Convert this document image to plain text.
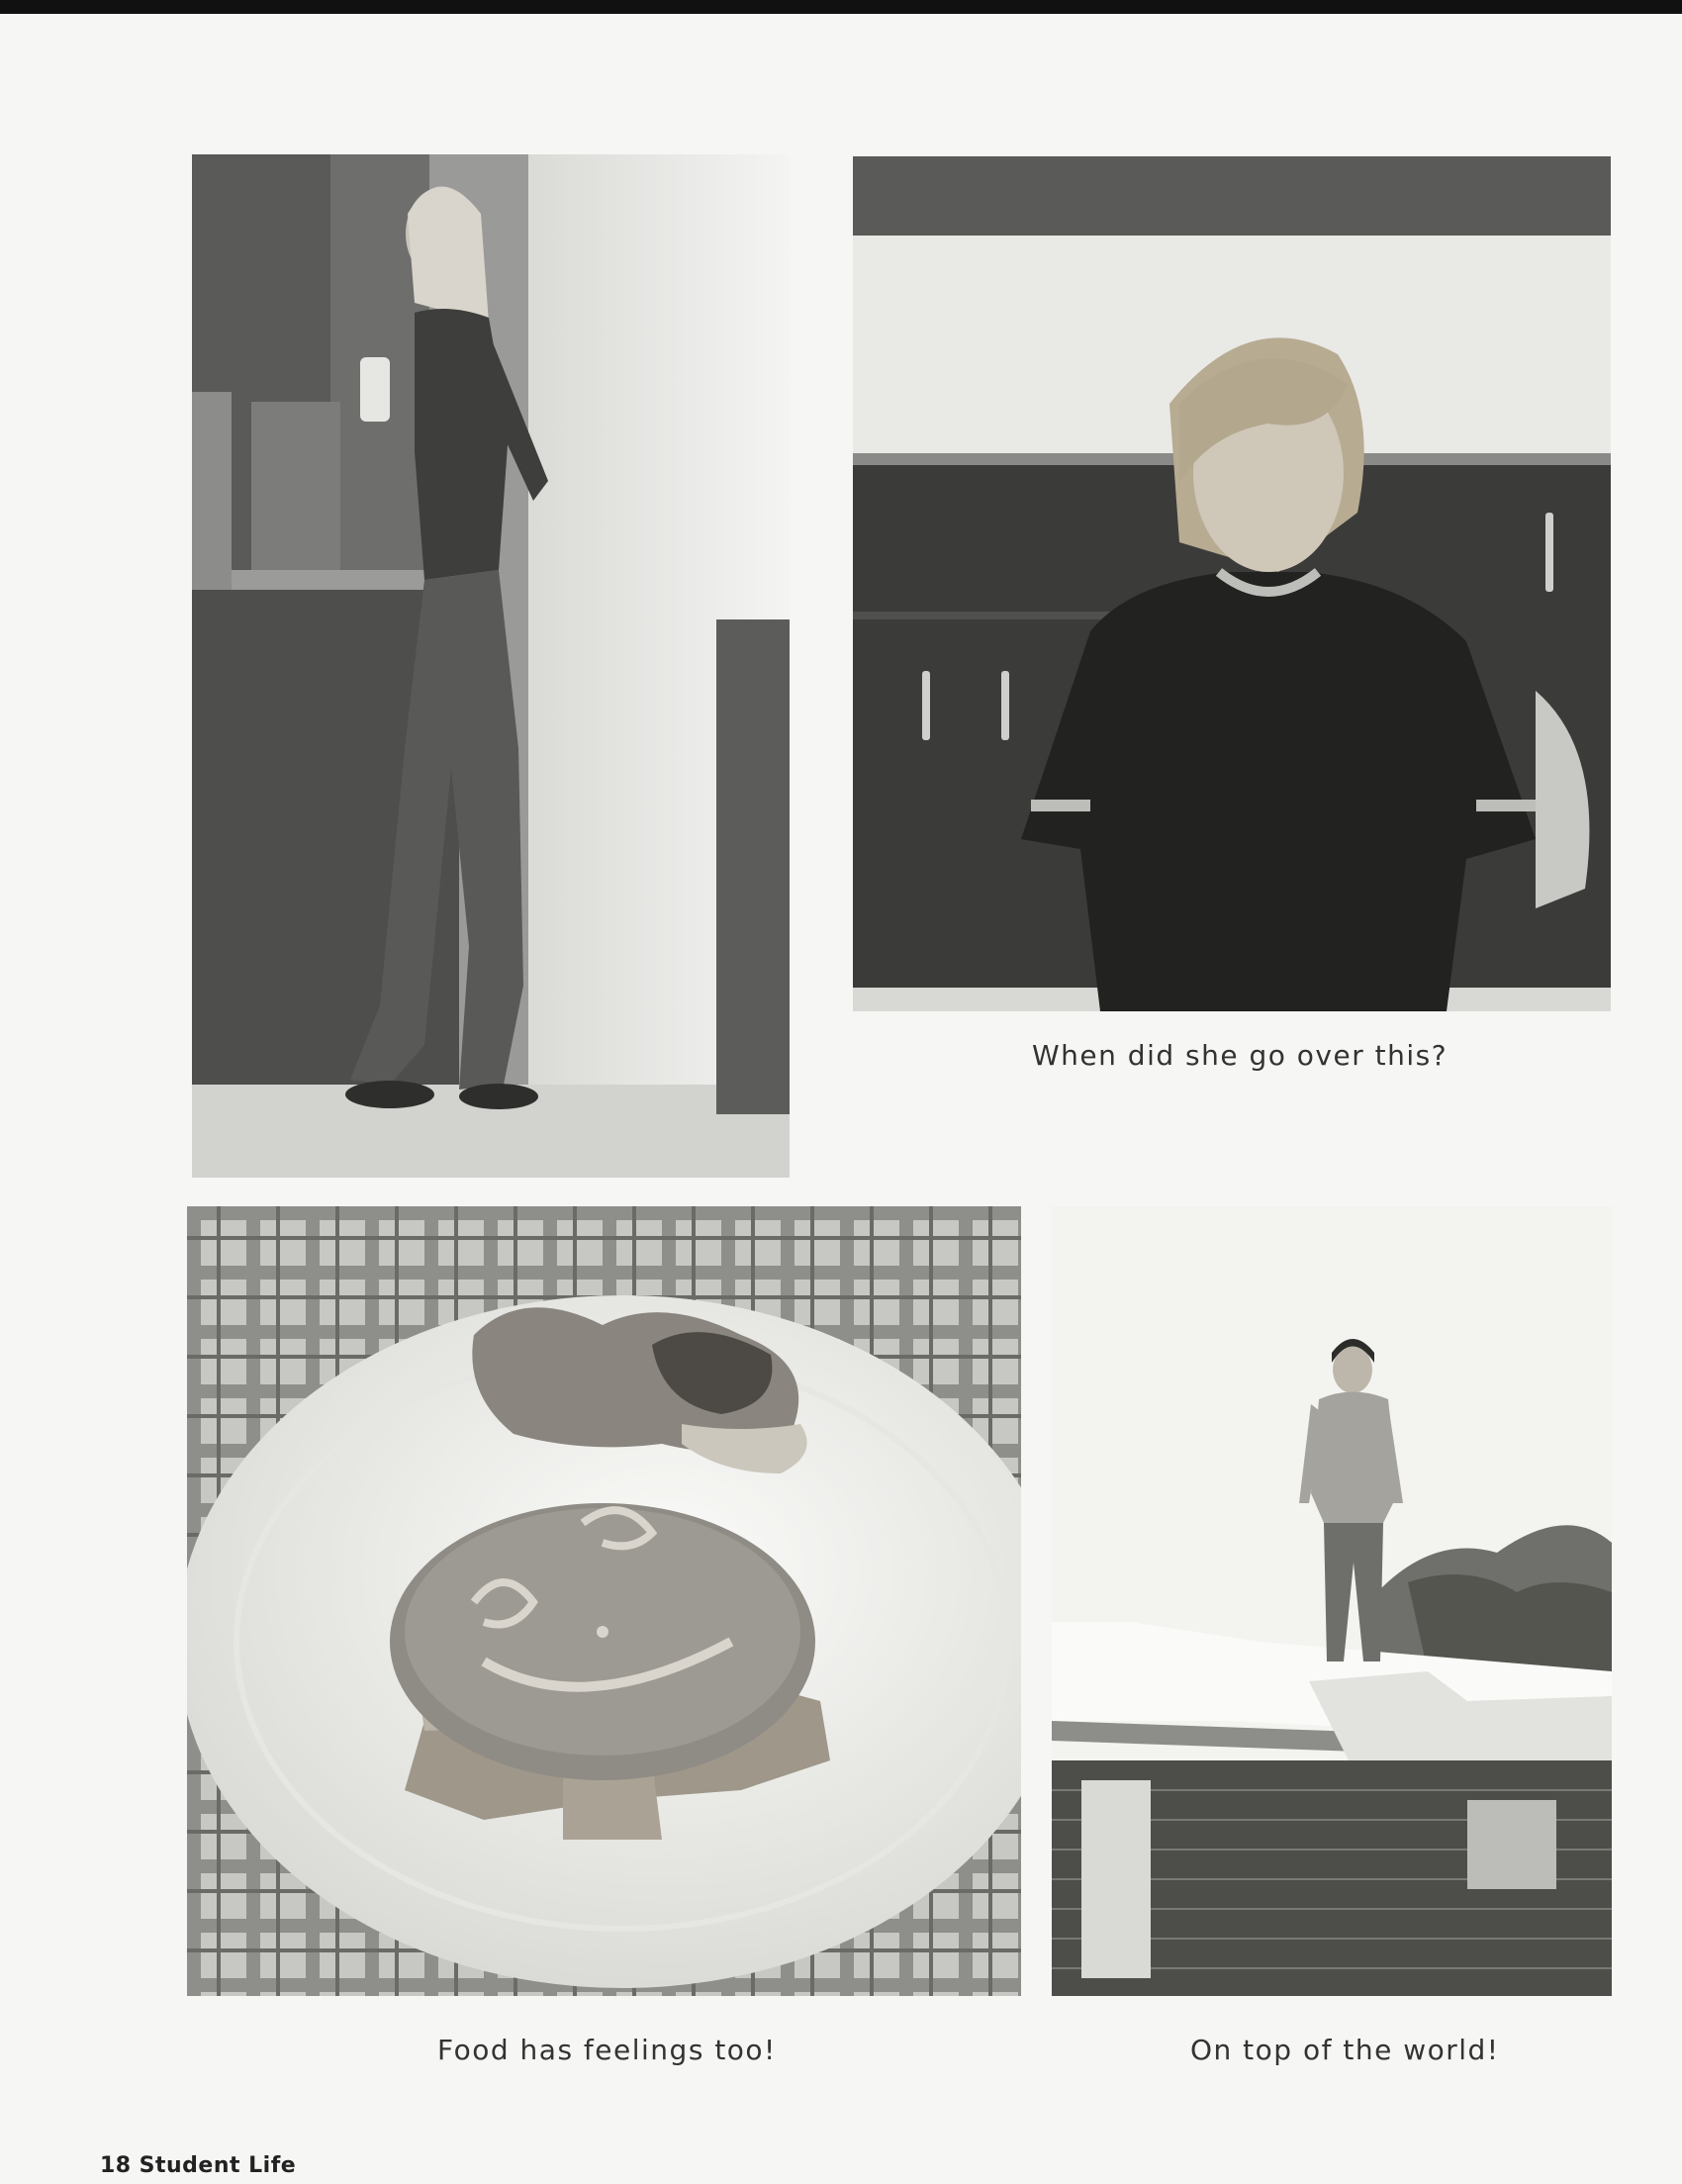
When did she go over this?
Food has feelings too!	On top of the world!
18 Student Life
